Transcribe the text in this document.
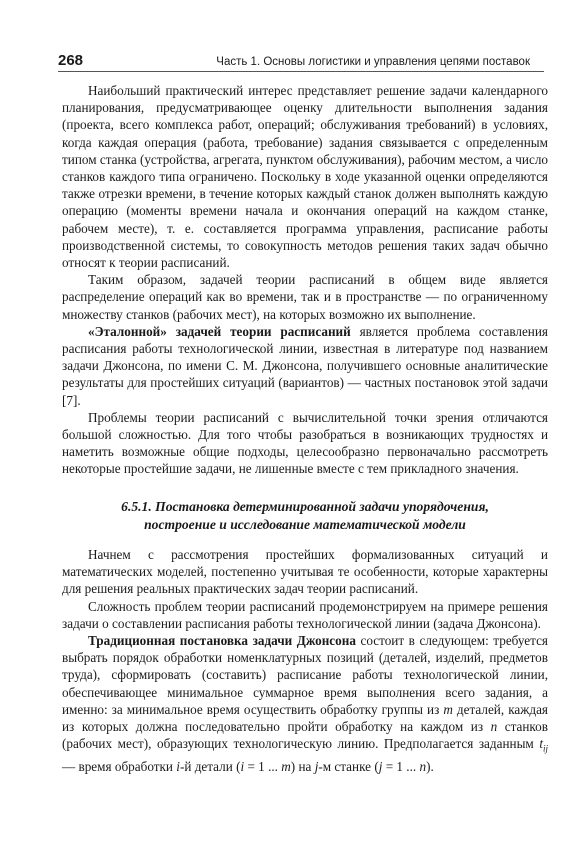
268	Часть 1. Основы логистики и управления цепями поставок

Наибольший практический интерес представляет решение задачи календарного планирования, предусматривающее оценку длительности выполнения задания (проекта, всего комплекса работ, операций; обслуживания требований) в условиях, когда каждая операция (работа, требование) задания связывается с определенным типом станка (устройства, агрегата, пунктом обслуживания), рабочим местом, а число станков каждого типа ограничено. Поскольку в ходе указанной оценки определяются также отрезки времени, в течение которых каждый станок должен выполнять каждую операцию (моменты времени начала и окончания операций на каждом станке, рабочем месте), т. е. составляется программа управления, расписание работы производственной системы, то совокупность методов решения таких задач обычно относят к теории расписаний.

Таким образом, задачей теории расписаний в общем виде является распределение операций как во времени, так и в пространстве — по ограниченному множеству станков (рабочих мест), на которых возможно их выполнение.

«Эталонной» задачей теории расписаний является проблема составления расписания работы технологической линии, известная в литературе под названием задачи Джонсона, по имени С. М. Джонсона, получившего основные аналитические результаты для простейших ситуаций (вариантов) — частных постановок этой задачи [7].

Проблемы теории расписаний с вычислительной точки зрения отличаются большой сложностью. Для того чтобы разобраться в возникающих трудностях и наметить возможные общие подходы, целесообразно первоначально рассмотреть некоторые простейшие задачи, не лишенные вместе с тем прикладного значения.

6.5.1. Постановка детерминированной задачи упорядочения,
построение и исследование математической модели

Начнем с рассмотрения простейших формализованных ситуаций и математических моделей, постепенно учитывая те особенности, которые характерны для решения реальных практических задач теории расписаний.

Сложность проблем теории расписаний продемонстрируем на примере решения задачи о составлении расписания работы технологической линии (задача Джонсона).

Традиционная постановка задачи Джонсона состоит в следующем: требуется выбрать порядок обработки номенклатурных позиций (деталей, изделий, предметов труда), сформировать (составить) расписание работы технологической линии, обеспечивающее минимальное суммарное время выполнения всего задания, а именно: за минимальное время осуществить обработку группы из m деталей, каждая из которых должна последовательно пройти обработку на каждом из n станков (рабочих мест), образующих технологическую линию. Предполагается заданным $t_{ij}$ — время обработки i-й детали (i = 1 ... m) на j-м станке (j = 1 ... n).
